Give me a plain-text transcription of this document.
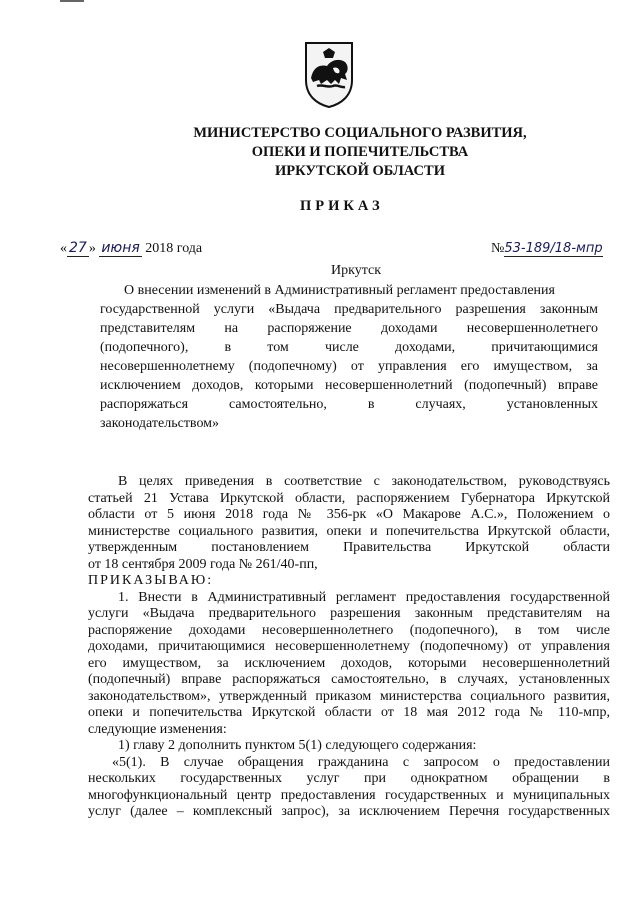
МИНИСТЕРСТВО СОЦИАЛЬНОГО РАЗВИТИЯ,
ОПЕКИ И ПОПЕЧИТЕЛЬСТВА
ИРКУТСКОЙ ОБЛАСТИ
ПРИКАЗ
« 27 » июня 2018 года	№53-189/18-мпр
Иркутск
О внесении изменений в Административный регламент предоставления
государственной услуги «Выдача предварительного разрешения законным
представителям на распоряжение доходами несовершеннолетнего
(подопечного), в том числе доходами, причитающимися
несовершеннолетнему (подопечному) от управления его имуществом, за
исключением доходов, которыми несовершеннолетний (подопечный) вправе
распоряжаться самостоятельно, в случаях, установленных
законодательством»
В целях приведения в соответствие с законодательством, руководствуясь
статьей 21 Устава Иркутской области, распоряжением Губернатора Иркутской
области от 5 июня 2018 года № 356-рк «О Макарове А.С.», Положением о
министерстве социального развития, опеки и попечительства Иркутской области,
утвержденным постановлением Правительства Иркутской области
от 18 сентября 2009 года № 261/40-пп,
ПРИКАЗЫВАЮ:
1. Внести в Административный регламент предоставления государственной
услуги «Выдача предварительного разрешения законным представителям на
распоряжение доходами несовершеннолетнего (подопечного), в том числе
доходами, причитающимися несовершеннолетнему (подопечному) от управления
его имуществом, за исключением доходов, которыми несовершеннолетний
(подопечный) вправе распоряжаться самостоятельно, в случаях, установленных
законодательством», утвержденный приказом министерства социального развития,
опеки и попечительства Иркутской области от 18 мая 2012 года № 110-мпр,
следующие изменения:
1) главу 2 дополнить пунктом 5(1) следующего содержания:
«5(1). В случае обращения гражданина с запросом о предоставлении
нескольких государственных услуг при однократном обращении в
многофункциональный центр предоставления государственных и муниципальных
услуг (далее – комплексный запрос), за исключением Перечня государственных
